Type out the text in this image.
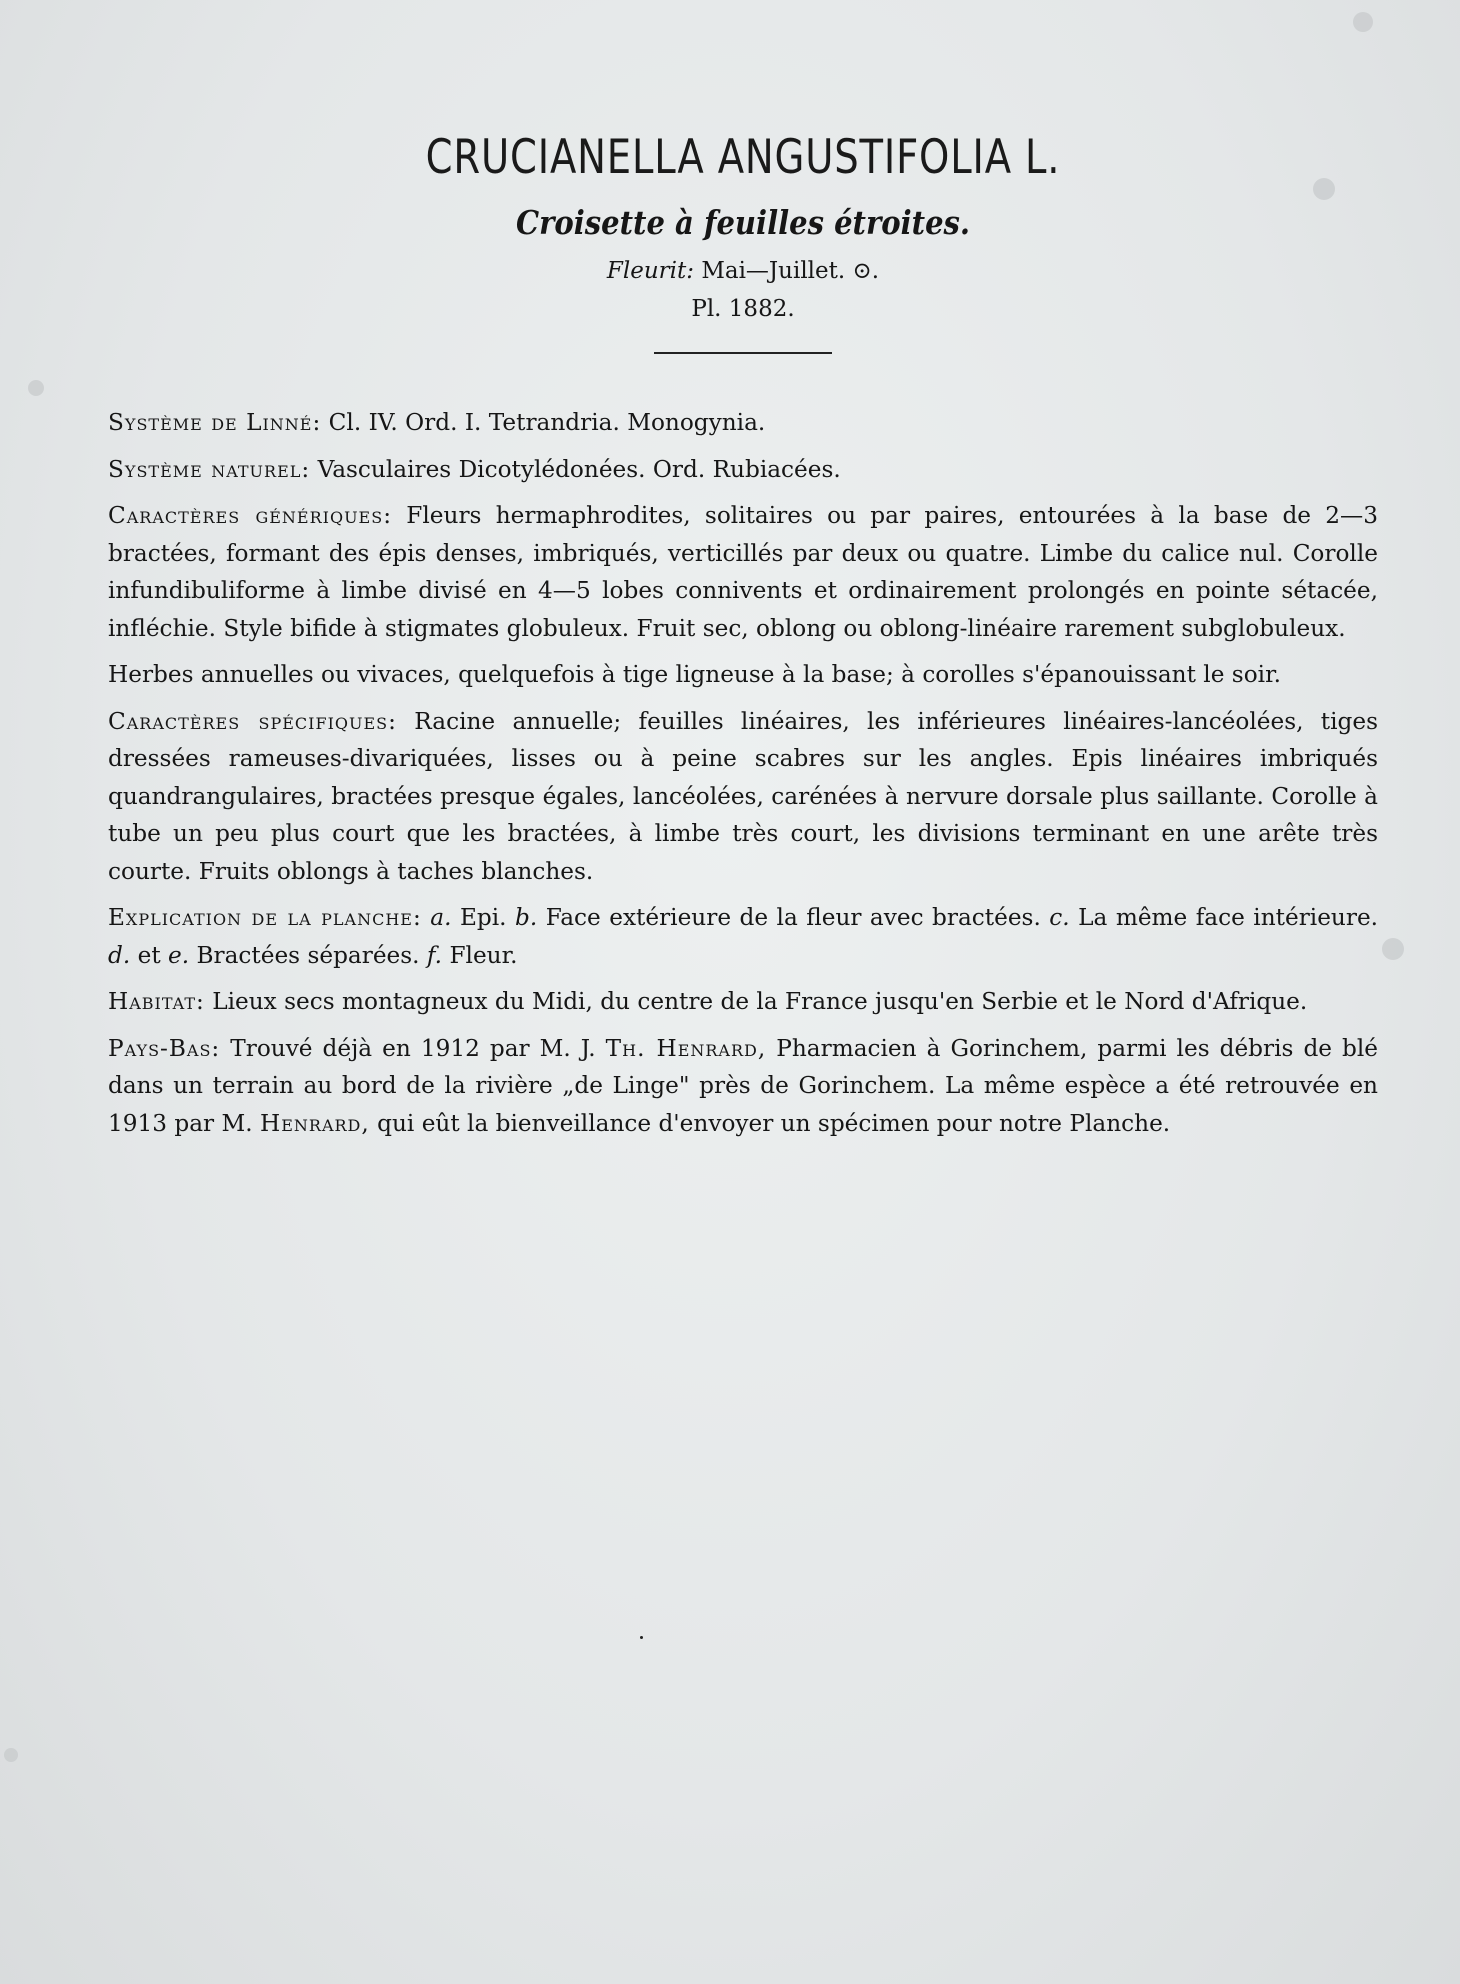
CRUCIANELLA ANGUSTIFOLIA L.
Croisette à feuilles étroites.
Fleurit: Mai—Juillet. ⊙.
Pl. 1882.

Système de Linné: Cl. IV. Ord. I. Tetrandria. Monogynia.

Système naturel: Vasculaires Dicotylédonées. Ord. Rubiacées.

Caractères génériques: Fleurs hermaphrodites, solitaires ou par paires, entourées à la base de 2—3 bractées, formant des épis denses, imbriqués, verticillés par deux ou quatre. Limbe du calice nul. Corolle infundibuliforme à limbe divisé en 4—5 lobes connivents et ordinairement prolongés en pointe sétacée, infléchie. Style bifide à stigmates globuleux. Fruit sec, oblong ou oblong-linéaire rarement subglobuleux.

Herbes annuelles ou vivaces, quelquefois à tige ligneuse à la base; à corolles s'épanouissant le soir.

Caractères spécifiques: Racine annuelle; feuilles linéaires, les inférieures linéaires-lancéolées, tiges dressées rameuses-divariquées, lisses ou à peine scabres sur les angles. Epis linéaires imbriqués quandrangulaires, bractées presque égales, lancéolées, carénées à nervure dorsale plus saillante. Corolle à tube un peu plus court que les bractées, à limbe très court, les divisions terminant en une arête très courte. Fruits oblongs à taches blanches.

Explication de la planche: a. Epi. b. Face extérieure de la fleur avec bractées. c. La même face intérieure. d. et e. Bractées séparées. f. Fleur.

Habitat: Lieux secs montagneux du Midi, du centre de la France jusqu'en Serbie et le Nord d'Afrique.

Pays-Bas: Trouvé déjà en 1912 par M. J. Th. Henrard, Pharmacien à Gorinchem, parmi les débris de blé dans un terrain au bord de la rivière „de Linge" près de Gorinchem. La même espèce a été retrouvée en 1913 par M. Henrard, qui eût la bienveillance d'envoyer un spécimen pour notre Planche.
